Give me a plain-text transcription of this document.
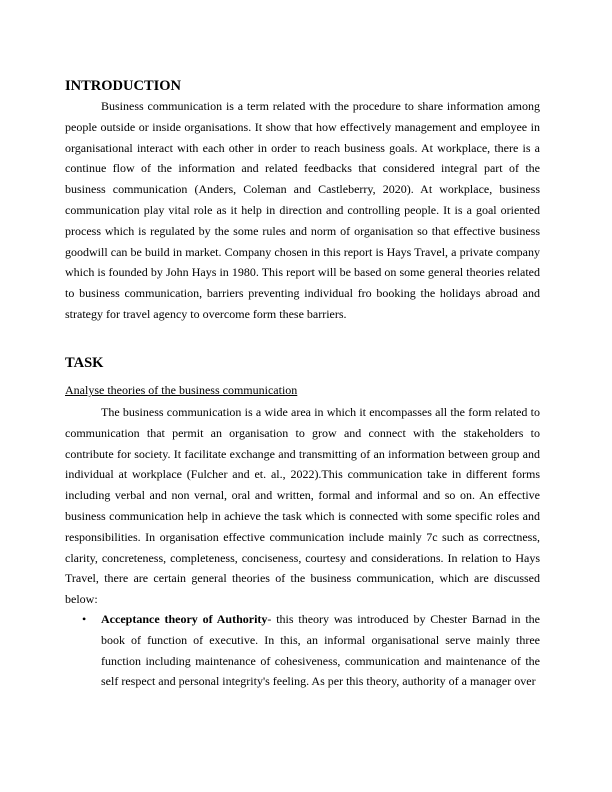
INTRODUCTION

Business communication is a term related with the procedure to share information among people outside or inside organisations. It show that how effectively management and employee in organisational interact with each other in order to reach business goals. At workplace, there is a continue flow of the information and related feedbacks that considered integral part of the business communication (Anders, Coleman and Castleberry, 2020). At workplace, business communication play vital role as it help in direction and controlling people. It is a goal oriented process which is regulated by the some rules and norm of organisation so that effective business goodwill can be build in market. Company chosen in this report is Hays Travel, a private company which is founded by John Hays in 1980. This report will be based on some general theories related to business communication, barriers preventing individual fro booking the holidays abroad and strategy for travel agency to overcome form these barriers.

TASK
Analyse theories of the business communication

The business communication is a wide area in which it encompasses all the form related to communication that permit an organisation to grow and connect with the stakeholders to contribute for society. It facilitate exchange and transmitting of an information between group and individual at workplace (Fulcher and et. al., 2022).This communication take in different forms including verbal and non vernal, oral and written, formal and informal and so on. An effective business communication help in achieve the task which is connected with some specific roles and responsibilities. In organisation effective communication include mainly 7c such as correctness, clarity, concreteness, completeness, conciseness, courtesy and considerations. In relation to Hays Travel, there are certain general theories of the business communication, which are discussed below:

• Acceptance theory of Authority- this theory was introduced by Chester Barnad in the book of function of executive. In this, an informal organisational serve mainly three function including maintenance of cohesiveness, communication and maintenance of the self respect and personal integrity's feeling. As per this theory, authority of a manager over
